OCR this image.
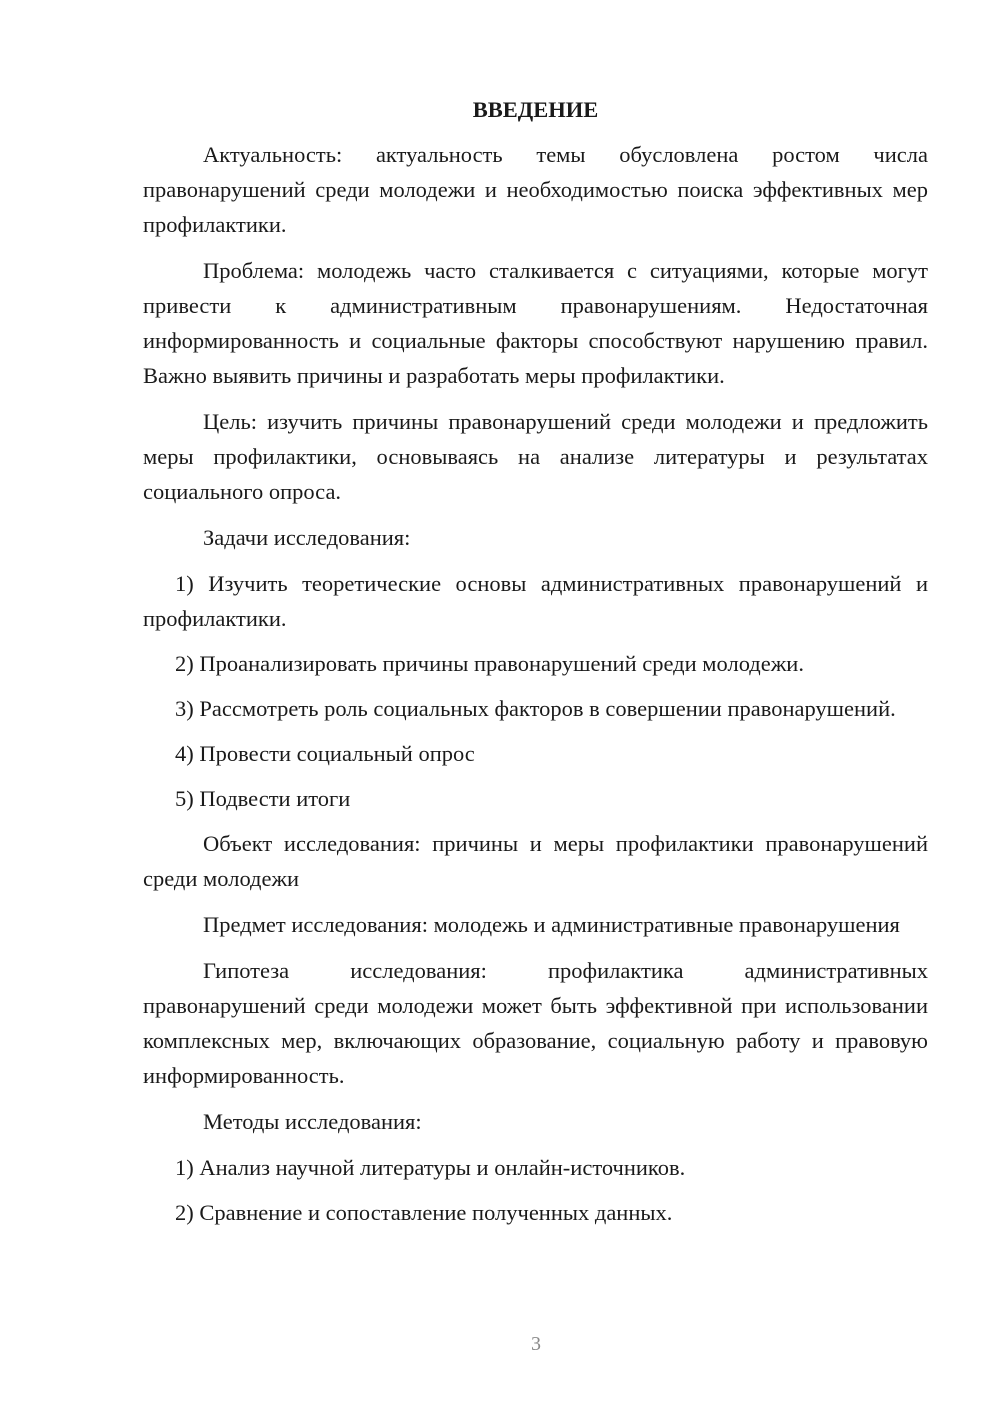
ВВЕДЕНИЕ

Актуальность: актуальность темы обусловлена ростом числа правонарушений среди молодежи и необходимостью поиска эффективных мер профилактики.

Проблема: молодежь часто сталкивается с ситуациями, которые могут привести к административным правонарушениям. Недостаточная информированность и социальные факторы способствуют нарушению правил. Важно выявить причины и разработать меры профилактики.

Цель: изучить причины правонарушений среди молодежи и предложить меры профилактики, основываясь на анализе литературы и результатах социального опроса.

Задачи исследования:

1) Изучить теоретические основы административных правонарушений и профилактики.

2) Проанализировать причины правонарушений среди молодежи.

3) Рассмотреть роль социальных факторов в совершении правонарушений.

4) Провести социальный опрос

5) Подвести итоги

Объект исследования: причины и меры профилактики правонарушений среди молодежи

Предмет исследования: молодежь и административные правонарушения

Гипотеза исследования: профилактика административных правонарушений среди молодежи может быть эффективной при использовании комплексных мер, включающих образование, социальную работу и правовую информированность.

Методы исследования:

1) Анализ научной литературы и онлайн-источников.

2) Сравнение и сопоставление полученных данных.

3
